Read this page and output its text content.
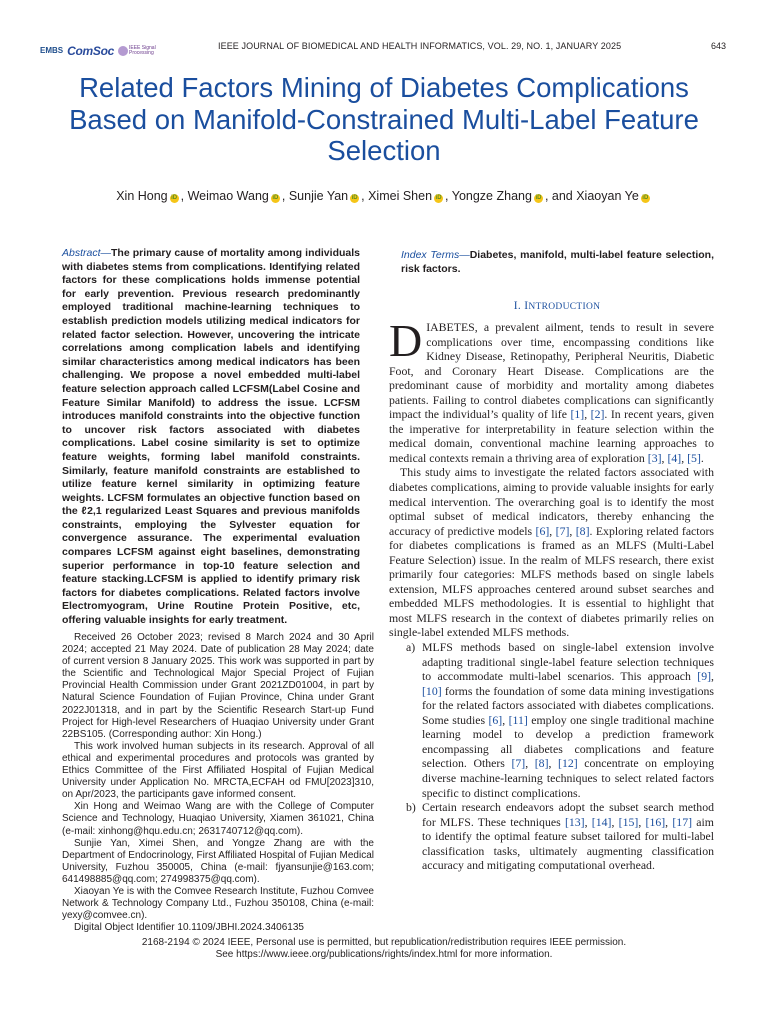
EMBS ComSoc	IEEE Signal Processing
IEEE JOURNAL OF BIOMEDICAL AND HEALTH INFORMATICS, VOL. 29, NO. 1, JANUARY 2025	643
Related Factors Mining of Diabetes Complications Based on Manifold-Constrained Multi-Label Feature Selection
Xin Hong iD , Weimao Wang iD , Sunjie Yan iD , Ximei Shen iD , Yongze Zhang iD , and Xiaoyan Ye iD
Abstract—The primary cause of mortality among individuals with diabetes stems from complications. Identifying related factors for these complications holds immense potential for early prevention. Previous research predominantly employed traditional machine-learning techniques to establish prediction models utilizing medical indicators for related factor selection. However, uncovering the intricate correlations among complication labels and identifying similar characteristics among medical indicators has been challenging. We propose a novel embedded multi-label feature selection approach called LCFSM(Label Cosine and Feature Similar Manifold) to address the issue. LCFSM introduces manifold constraints into the objective function to uncover risk factors associated with diabetes complications. Label cosine similarity is set to optimize feature weights, forming label manifold constraints. Similarly, feature manifold constraints are established to utilize feature kernel similarity in optimizing feature weights. LCFSM formulates an objective function based on the ℓ2,1 regularized Least Squares and previous manifolds constraints, employing the Sylvester equation for convergence assurance. The experimental evaluation compares LCFSM against eight baselines, demonstrating superior performance in top-10 feature selection and feature stacking.LCFSM is applied to identify primary risk factors for diabetes complications. Related factors involve Electromyogram, Urine Routine Protein Positive, etc, offering valuable insights for early treatment.
Index Terms—Diabetes, manifold, multi-label feature selection, risk factors.

Received 26 October 2023; revised 8 March 2024 and 30 April 2024; accepted 21 May 2024. Date of publication 28 May 2024; date of current version 8 January 2025. This work was supported in part by the Scientific and Technological Major Special Project of Fujian Provincial Health Commission under Grant 2021ZD01004, in part by Natural Science Foundation of Fujian Province, China under Grant 2022J01318, and in part by the Scientific Research Start-up Fund Project for High-level Researchers of Huaqiao University under Grant 22BS105. (Corresponding author: Xin Hong.)

This work involved human subjects in its research. Approval of all ethical and experimental procedures and protocols was granted by Ethics Committee of the First Affiliated Hospital of Fujian Medical University under Application No. MRCTA,ECFAH od FMU[2023]310, on Apr/2023, the participants gave informed consent.

Xin Hong and Weimao Wang are with the College of Computer Science and Technology, Huaqiao University, Xiamen 361021, China (e-mail: xinhong@hqu.edu.cn; 2631740712@qq.com).

Sunjie Yan, Ximei Shen, and Yongze Zhang are with the Department of Endocrinology, First Affiliated Hospital of Fujian Medical University, Fuzhou 350005, China (e-mail: fjyansunjie@163.com; 641498885@qq.com; 274998375@qq.com).

Xiaoyan Ye is with the Comvee Research Institute, Fuzhou Comvee Network & Technology Company Ltd., Fuzhou 350108, China (e-mail: yexy@comvee.cn).

Digital Object Identifier 10.1109/JBHI.2024.3406135

I. INTRODUCTION

DIABETES, a prevalent ailment, tends to result in severe complications over time, encompassing conditions like Kidney Disease, Retinopathy, Peripheral Neuritis, Diabetic Foot, and Coronary Heart Disease. Complications are the predominant cause of morbidity and mortality among diabetes patients. Failing to control diabetes complications can significantly impact the individual’s quality of life [1], [2]. In recent years, given the imperative for interpretability in feature selection within the medical domain, conventional machine learning approaches to medical contexts remain a thriving area of exploration [3], [4], [5].

This study aims to investigate the related factors associated with diabetes complications, aiming to provide valuable insights for early medical intervention. The overarching goal is to identify the most optimal subset of medical indicators, thereby enhancing the accuracy of predictive models [6], [7], [8]. Exploring related factors for diabetes complications is framed as an MLFS (Multi-Label Feature Selection) issue. In the realm of MLFS research, there exist primarily four categories: MLFS methods based on single labels extension, MLFS approaches centered around subset searches and embedded MLFS methodologies. It is essential to highlight that most MLFS research in the context of diabetes primarily relies on single-label extended MLFS methods.

a) MLFS methods based on single-label extension involve adapting traditional single-label feature selection techniques to accommodate multi-label scenarios. This approach [9], [10] forms the foundation of some data mining investigations for the related factors associated with diabetes complications. Some studies [6], [11] employ one single traditional machine learning model to develop a prediction framework encompassing all diabetes complications and feature selection. Others [7], [8], [12] concentrate on employing diverse machine-learning techniques to select related factors specific to distinct complications.

b) Certain research endeavors adopt the subset search method for MLFS. These techniques [13], [14], [15], [16], [17] aim to identify the optimal feature subset tailored for multi-label classification tasks, ultimately augmenting classification accuracy and mitigating computational overhead.

2168-2194 © 2024 IEEE, Personal use is permitted, but republication/redistribution requires IEEE permission.
See https://www.ieee.org/publications/rights/index.html for more information.
